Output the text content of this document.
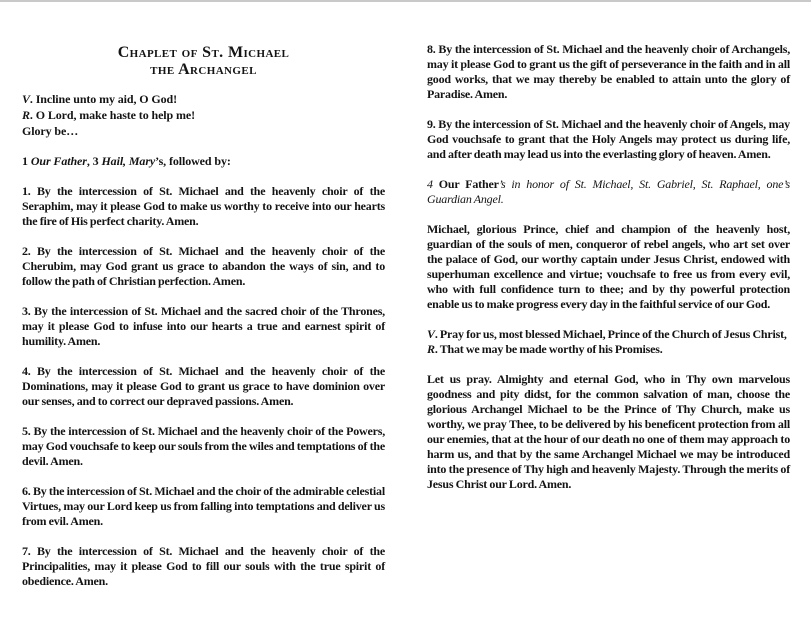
Chaplet of St. Michael
the Archangel

V. Incline unto my aid, O God!

R. O Lord, make haste to help me!

Glory be…

1 Our Father, 3 Hail, Mary’s, followed by:

1. By the intercession of St. Michael and the heavenly choir of the Seraphim, may it please God to make us worthy to receive into our hearts the fire of His perfect charity. Amen.

2. By the intercession of St. Michael and the heavenly choir of the Cherubim, may God grant us grace to abandon the ways of sin, and to follow the path of Christian perfection. Amen.

3. By the intercession of St. Michael and the sacred choir of the Thrones, may it please God to infuse into our hearts a true and earnest spirit of humility. Amen.

4. By the intercession of St. Michael and the heavenly choir of the Dominations, may it please God to grant us grace to have dominion over our senses, and to correct our depraved passions. Amen.

5. By the intercession of St. Michael and the heavenly choir of the Powers, may God vouchsafe to keep our souls from the wiles and temptations of the devil. Amen.

6. By the intercession of St. Michael and the choir of the admirable celestial Virtues, may our Lord keep us from falling into temptations and deliver us from evil. Amen.

7. By the intercession of St. Michael and the heavenly choir of the Principalities, may it please God to fill our souls with the true spirit of obedience. Amen.

8. By the intercession of St. Michael and the heavenly choir of Archangels, may it please God to grant us the gift of perseverance in the faith and in all good works, that we may thereby be enabled to attain unto the glory of Paradise. Amen.

9. By the intercession of St. Michael and the heavenly choir of Angels, may God vouchsafe to grant that the Holy Angels may protect us during life, and after death may lead us into the everlasting glory of heaven. Amen.

4 Our Father’s in honor of St. Michael, St. Gabriel, St. Raphael, one’s Guardian Angel.

Michael, glorious Prince, chief and champion of the heavenly host, guardian of the souls of men, conqueror of rebel angels, who art set over the palace of God, our worthy captain under Jesus Christ, endowed with superhuman excellence and virtue; vouchsafe to free us from every evil, who with full confidence turn to thee; and by thy powerful protection enable us to make progress every day in the faithful service of our God.

V. Pray for us, most blessed Michael, Prince of the Church of Jesus Christ,

R. That we may be made worthy of his Promises.

Let us pray. Almighty and eternal God, who in Thy own marvelous goodness and pity didst, for the common salvation of man, choose the glorious Archangel Michael to be the Prince of Thy Church, make us worthy, we pray Thee, to be delivered by his beneficent protection from all our enemies, that at the hour of our death no one of them may approach to harm us, and that by the same Archangel Michael we may be introduced into the presence of Thy high and heavenly Majesty. Through the merits of Jesus Christ our Lord. Amen.
